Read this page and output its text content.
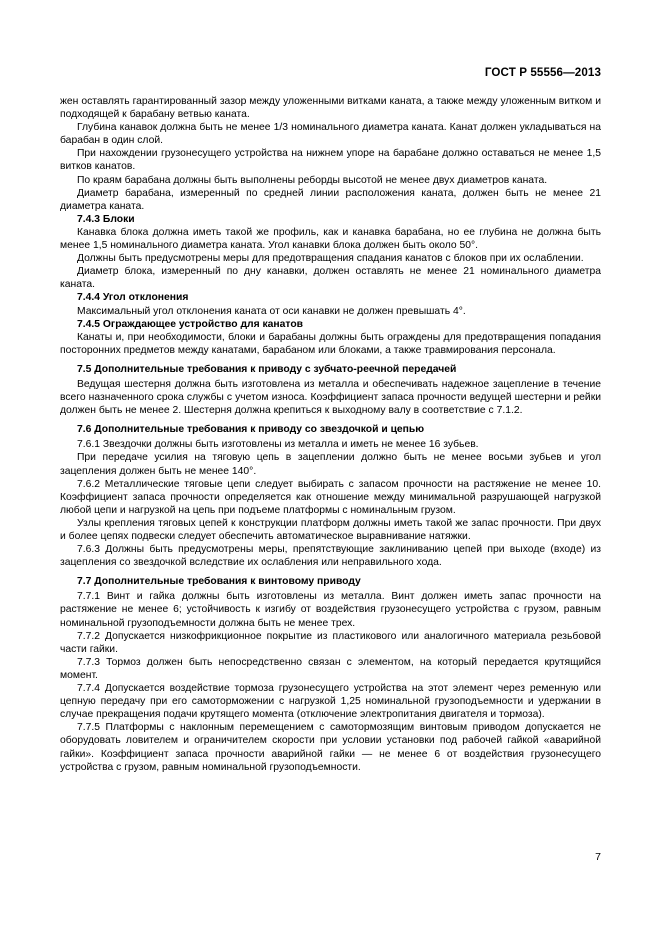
ГОСТ Р 55556—2013

жен оставлять гарантированный зазор между уложенными витками каната, а также между уложенным витком и подходящей к барабану ветвью каната.

Глубина канавок должна быть не менее 1/3 номинального диаметра каната. Канат должен укладываться на барабан в один слой.

При нахождении грузонесущего устройства на нижнем упоре на барабане должно оставаться не менее 1,5 витков канатов.

По краям барабана должны быть выполнены реборды высотой не менее двух диаметров каната.

Диаметр барабана, измеренный по средней линии расположения каната, должен быть не менее 21 диаметра каната.

7.4.3 Блоки

Канавка блока должна иметь такой же профиль, как и канавка барабана, но ее глубина не должна быть менее 1,5 номинального диаметра каната. Угол канавки блока должен быть около 50°.

Должны быть предусмотрены меры для предотвращения спадания канатов с блоков при их ослаблении.

Диаметр блока, измеренный по дну канавки, должен оставлять не менее 21 номинального диаметра каната.

7.4.4 Угол отклонения

Максимальный угол отклонения каната от оси канавки не должен превышать 4°.

7.4.5 Ограждающее устройство для канатов

Канаты и, при необходимости, блоки и барабаны должны быть ограждены для предотвращения попадания посторонних предметов между канатами, барабаном или блоками, а также травмирования персонала.

7.5 Дополнительные требования к приводу с зубчато-реечной передачей

Ведущая шестерня должна быть изготовлена из металла и обеспечивать надежное зацепление в течение всего назначенного срока службы с учетом износа. Коэффициент запаса прочности ведущей шестерни и рейки должен быть не менее 2. Шестерня должна крепиться к выходному валу в соответствие с 7.1.2.

7.6 Дополнительные требования к приводу со звездочкой и цепью

7.6.1 Звездочки должны быть изготовлены из металла и иметь не менее 16 зубьев.

При передаче усилия на тяговую цепь в зацеплении должно быть не менее восьми зубьев и угол зацепления должен быть не менее 140°.

7.6.2 Металлические тяговые цепи следует выбирать с запасом прочности на растяжение не менее 10. Коэффициент запаса прочности определяется как отношение между минимальной разрушающей нагрузкой любой цепи и нагрузкой на цепь при подъеме платформы с номинальным грузом.

Узлы крепления тяговых цепей к конструкции платформ должны иметь такой же запас прочности. При двух и более цепях подвески следует обеспечить автоматическое выравнивание натяжки.

7.6.3 Должны быть предусмотрены меры, препятствующие заклиниванию цепей при выходе (входе) из зацепления со звездочкой вследствие их ослабления или неправильного хода.

7.7 Дополнительные требования к винтовому приводу

7.7.1 Винт и гайка должны быть изготовлены из металла. Винт должен иметь запас прочности на растяжение не менее 6; устойчивость к изгибу от воздействия грузонесущего устройства с грузом, равным номинальной грузоподъемности должна быть не менее трех.

7.7.2 Допускается низкофрикционное покрытие из пластикового или аналогичного материала резьбовой части гайки.

7.7.3 Тормоз должен быть непосредственно связан с элементом, на который передается крутящийся момент.

7.7.4 Допускается воздействие тормоза грузонесущего устройства на этот элемент через ременную или цепную передачу при его самоторможении с нагрузкой 1,25 номинальной грузоподъемности и удержании в случае прекращения подачи крутящего момента (отключение электропитания двигателя и тормоза).

7.7.5 Платформы с наклонным перемещением с самотормозящим винтовым приводом допускается не оборудовать ловителем и ограничителем скорости при условии установки под рабочей гайкой «аварийной гайки». Коэффициент запаса прочности аварийной гайки — не менее 6 от воздействия грузонесущего устройства с грузом, равным номинальной грузоподъемности.

7
